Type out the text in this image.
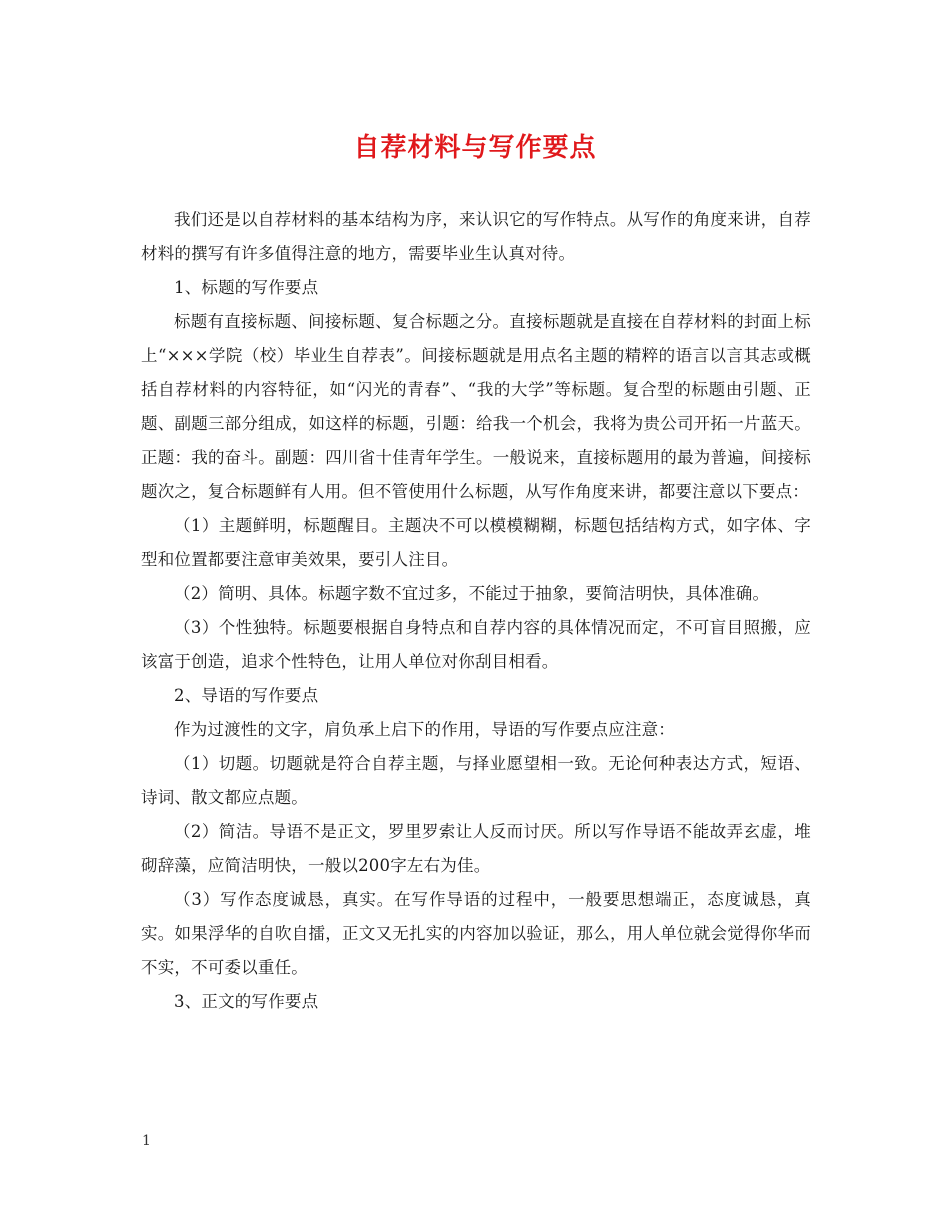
自荐材料与写作要点

我们还是以自荐材料的基本结构为序，来认识它的写作特点。从写作的角度来讲，自荐材料的撰写有许多值得注意的地方，需要毕业生认真对待。

1、标题的写作要点

标题有直接标题、间接标题、复合标题之分。直接标题就是直接在自荐材料的封面上标上“×××学院（校）毕业生自荐表”。间接标题就是用点名主题的精粹的语言以言其志或概括自荐材料的内容特征，如“闪光的青春”、“我的大学”等标题。复合型的标题由引题、正题、副题三部分组成，如这样的标题，引题：给我一个机会，我将为贵公司开拓一片蓝天。正题：我的奋斗。副题：四川省十佳青年学生。一般说来，直接标题用的最为普遍，间接标题次之，复合标题鲜有人用。但不管使用什么标题，从写作角度来讲，都要注意以下要点：

（1）主题鲜明，标题醒目。主题决不可以模模糊糊，标题包括结构方式，如字体、字型和位置都要注意审美效果，要引人注目。

（2）简明、具体。标题字数不宜过多，不能过于抽象，要简洁明快，具体准确。

（3）个性独特。标题要根据自身特点和自荐内容的具体情况而定，不可盲目照搬，应该富于创造，追求个性特色，让用人单位对你刮目相看。

2、导语的写作要点

作为过渡性的文字，肩负承上启下的作用，导语的写作要点应注意：

（1）切题。切题就是符合自荐主题，与择业愿望相一致。无论何种表达方式，短语、诗词、散文都应点题。

（2）简洁。导语不是正文，罗里罗索让人反而讨厌。所以写作导语不能故弄玄虚，堆砌辞藻，应简洁明快，一般以200字左右为佳。

（3）写作态度诚恳，真实。在写作导语的过程中，一般要思想端正，态度诚恳，真实。如果浮华的自吹自擂，正文又无扎实的内容加以验证，那么，用人单位就会觉得你华而不实，不可委以重任。

3、正文的写作要点

1
